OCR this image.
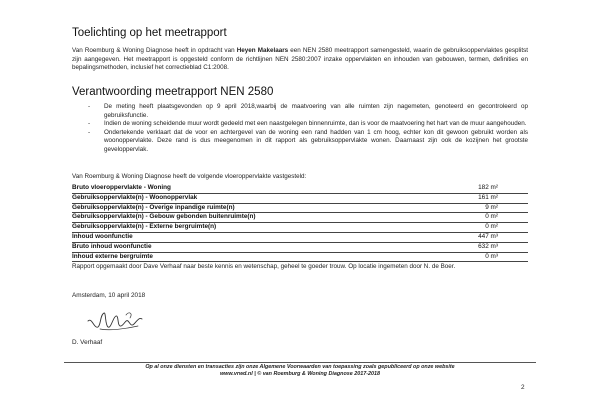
Toelichting op het meetrapport

Van Roemburg & Woning Diagnose heeft in opdracht van Heyen Makelaars een NEN 2580 meetrapport samengesteld, waarin de gebruiksoppervlaktes gesplitst zijn aangegeven. Het meetrapport is opgesteld conform de richtlijnen NEN 2580:2007 inzake oppervlakten en inhouden van gebouwen, termen, definities en bepalingsmethoden, inclusief het correctieblad C1:2008.

Verantwoording meetrapport NEN 2580
- De meting heeft plaatsgevonden op 9 april 2018,waarbij de maatvoering van alle ruimten zijn nagemeten, genoteerd en gecontroleerd op gebruiksfunctie.
- Indien de woning scheidende muur wordt gedeeld met een naastgelegen binnenruimte, dan is voor de maatvoering het hart van de muur aangehouden.
- Ondertekende verklaart dat de voor en achtergevel van de woning een rand hadden van 1 cm hoog, echter kon dit gewoon gebruikt worden als woonoppervlakte. Deze rand is dus meegenomen in dit rapport als gebruiksoppervlakte wonen. Daarnaast zijn ook de kozijnen het grootste geveloppervlak.

Van Roemburg & Woning Diagnose heeft de volgende vloeroppervlakte vastgesteld:

Bruto vloeroppervlakte - Woning	182 m²
Gebruiksoppervlakte(n) - Woonoppervlak	161 m²
Gebruiksoppervlakte(n) - Overige inpandige ruimte(n)	9 m²
Gebruiksoppervlakte(n) - Gebouw gebonden buitenruimte(n)	0 m²
Gebruiksoppervlakte(n) - Externe bergruimte(n)	0 m²
Inhoud woonfunctie	447 m³
Bruto inhoud woonfunctie	632 m³
Inhoud externe bergruimte	0 m³

Rapport opgemaakt door Dave Verhaaf naar beste kennis en wetenschap, geheel te goeder trouw. Op locatie ingemeten door N. de Boer.

Amsterdam, 10 april 2018
D. Verhaaf

Op al onze diensten en transacties zijn onze Algemene Voorwaarden van toepassing zoals gepubliceerd op onze website
www.vrwd.nl | © van Roemburg & Woning Diagnose 2017-2018

2
